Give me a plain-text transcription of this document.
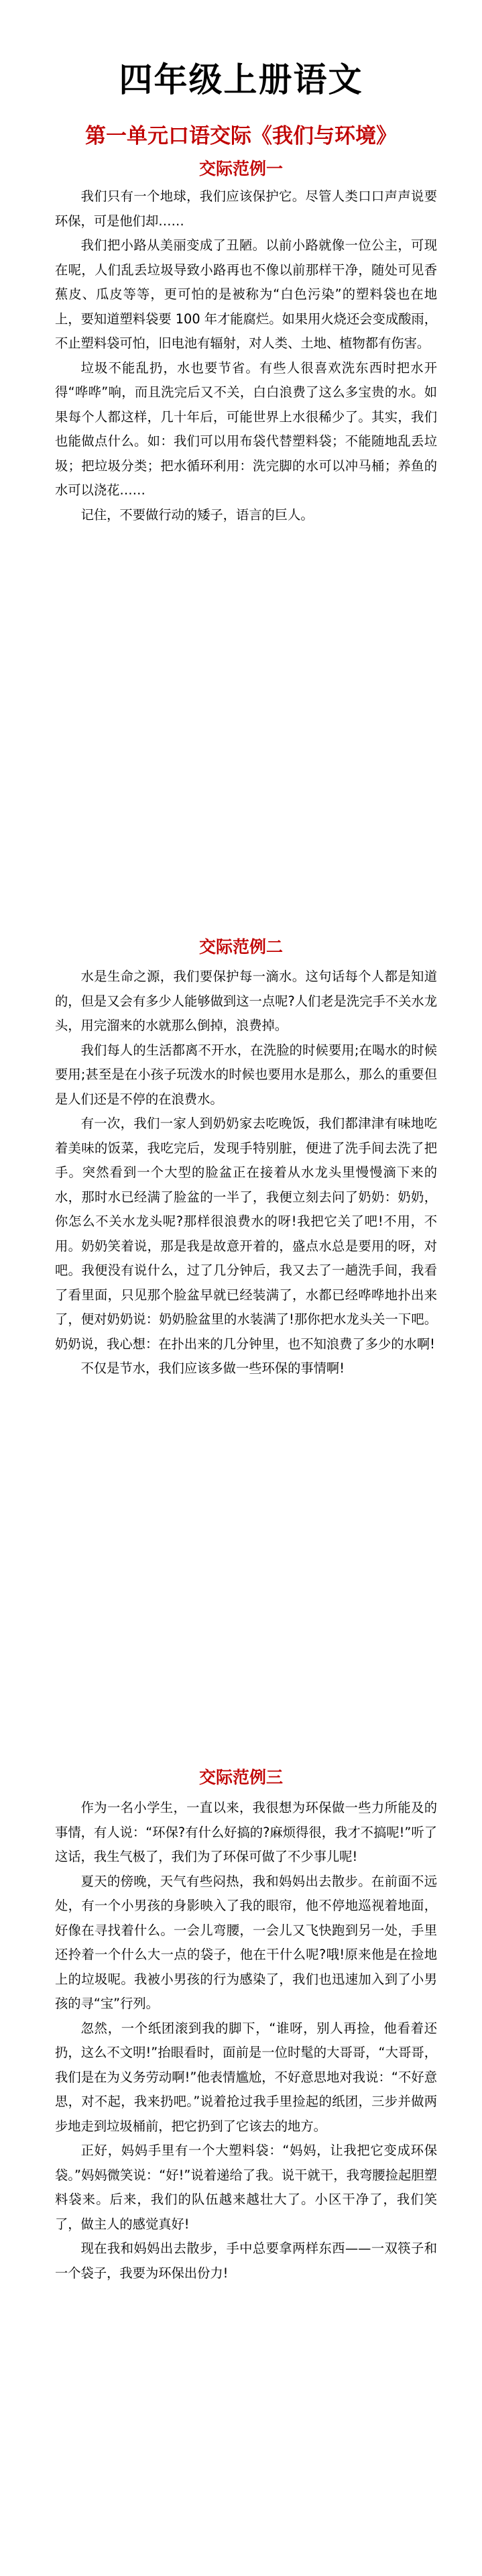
四年级上册语文
第一单元口语交际《我们与环境》
交际范例一

我们只有一个地球，我们应该保护它。尽管人类口口声声说要环保，可是他们却……

我们把小路从美丽变成了丑陋。以前小路就像一位公主，可现在呢，人们乱丢垃圾导致小路再也不像以前那样干净，随处可见香蕉皮、瓜皮等等，更可怕的是被称为“白色污染”的塑料袋也在地上，要知道塑料袋要 100 年才能腐烂。如果用火烧还会变成酸雨，不止塑料袋可怕，旧电池有辐射，对人类、土地、植物都有伤害。

垃圾不能乱扔，水也要节省。有些人很喜欢洗东西时把水开得“哗哗”响，而且洗完后又不关，白白浪费了这么多宝贵的水。如果每个人都这样，几十年后，可能世界上水很稀少了。其实，我们也能做点什么。如：我们可以用布袋代替塑料袋；不能随地乱丢垃圾；把垃圾分类；把水循环利用：洗完脚的水可以冲马桶；养鱼的水可以浇花……

记住，不要做行动的矮子，语言的巨人。

交际范例二

水是生命之源，我们要保护每一滴水。这句话每个人都是知道的，但是又会有多少人能够做到这一点呢?人们老是洗完手不关水龙头，用完溜来的水就那么倒掉，浪费掉。

我们每人的生活都离不开水，在洗脸的时候要用;在喝水的时候要用;甚至是在小孩子玩泼水的时候也要用水是那么，那么的重要但是人们还是不停的在浪费水。

有一次，我们一家人到奶奶家去吃晚饭，我们都津津有味地吃着美味的饭菜，我吃完后，发现手特别脏，便进了洗手间去洗了把手。突然看到一个大型的脸盆正在接着从水龙头里慢慢滴下来的水，那时水已经满了脸盆的一半了，我便立刻去问了奶奶：奶奶，你怎么不关水龙头呢?那样很浪费水的呀!我把它关了吧!不用，不用。奶奶笑着说，那是我是故意开着的，盛点水总是要用的呀，对吧。我便没有说什么，过了几分钟后，我又去了一趟洗手间，我看了看里面，只见那个脸盆早就已经装满了，水都已经哗哗地扑出来了，便对奶奶说：奶奶脸盆里的水装满了!那你把水龙头关一下吧。奶奶说，我心想：在扑出来的几分钟里，也不知浪费了多少的水啊!

不仅是节水，我们应该多做一些环保的事情啊!

交际范例三

作为一名小学生，一直以来，我很想为环保做一些力所能及的事情，有人说：“环保?有什么好搞的?麻烦得很，我才不搞呢!”听了这话，我生气极了，我们为了环保可做了不少事儿呢!

夏天的傍晚，天气有些闷热，我和妈妈出去散步。在前面不远处，有一个小男孩的身影映入了我的眼帘，他不停地巡视着地面，好像在寻找着什么。一会儿弯腰，一会儿又飞快跑到另一处，手里还拎着一个什么大一点的袋子，他在干什么呢?哦!原来他是在捡地上的垃圾呢。我被小男孩的行为感染了，我们也迅速加入到了小男孩的寻“宝”行列。

忽然，一个纸团滚到我的脚下，“谁呀，别人再捡，他看着还扔，这么不文明!”抬眼看时，面前是一位时髦的大哥哥，“大哥哥，我们是在为义务劳动啊!”他表情尴尬，不好意思地对我说：“不好意思，对不起，我来扔吧。”说着抢过我手里捡起的纸团，三步并做两步地走到垃圾桶前，把它扔到了它该去的地方。

正好，妈妈手里有一个大塑料袋：“妈妈，让我把它变成环保袋。”妈妈微笑说：“好!”说着递给了我。说干就干，我弯腰捡起胆塑料袋来。后来，我们的队伍越来越壮大了。小区干净了，我们笑了，做主人的感觉真好!

现在我和妈妈出去散步，手中总要拿两样东西——一双筷子和一个袋子，我要为环保出份力!
